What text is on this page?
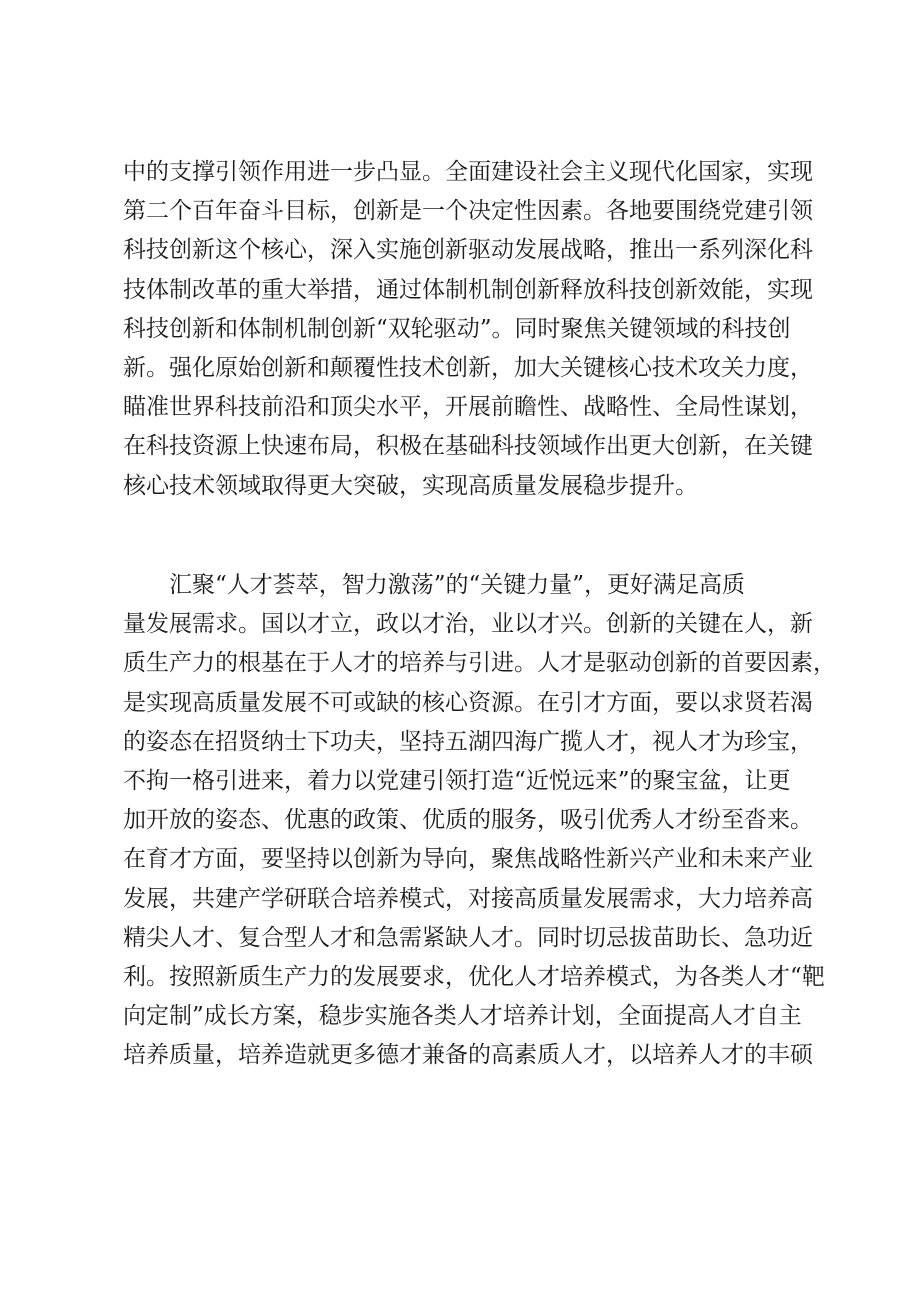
中的支撑引领作用进一步凸显。全面建设社会主义现代化国家，实现
第二个百年奋斗目标，创新是一个决定性因素。各地要围绕党建引领
科技创新这个核心，深入实施创新驱动发展战略，推出一系列深化科
技体制改革的重大举措，通过体制机制创新释放科技创新效能，实现
科技创新和体制机制创新“双轮驱动”。同时聚焦关键领域的科技创
新。强化原始创新和颠覆性技术创新，加大关键核心技术攻关力度，
瞄准世界科技前沿和顶尖水平，开展前瞻性、战略性、全局性谋划，
在科技资源上快速布局，积极在基础科技领域作出更大创新，在关键
核心技术领域取得更大突破，实现高质量发展稳步提升。
汇聚“人才荟萃，智力激荡”的“关键力量”，更好满足高质
量发展需求。国以才立，政以才治，业以才兴。创新的关键在人，新
质生产力的根基在于人才的培养与引进。人才是驱动创新的首要因素，
是实现高质量发展不可或缺的核心资源。在引才方面，要以求贤若渴
的姿态在招贤纳士下功夫，坚持五湖四海广揽人才，视人才为珍宝，
不拘一格引进来，着力以党建引领打造“近悦远来”的聚宝盆，让更
加开放的姿态、优惠的政策、优质的服务，吸引优秀人才纷至沓来。
在育才方面，要坚持以创新为导向，聚焦战略性新兴产业和未来产业
发展，共建产学研联合培养模式，对接高质量发展需求，大力培养高
精尖人才、复合型人才和急需紧缺人才。同时切忌拔苗助长、急功近
利。按照新质生产力的发展要求，优化人才培养模式，为各类人才“靶
向定制”成长方案，稳步实施各类人才培养计划，全面提高人才自主
培养质量，培养造就更多德才兼备的高素质人才，以培养人才的丰硕
